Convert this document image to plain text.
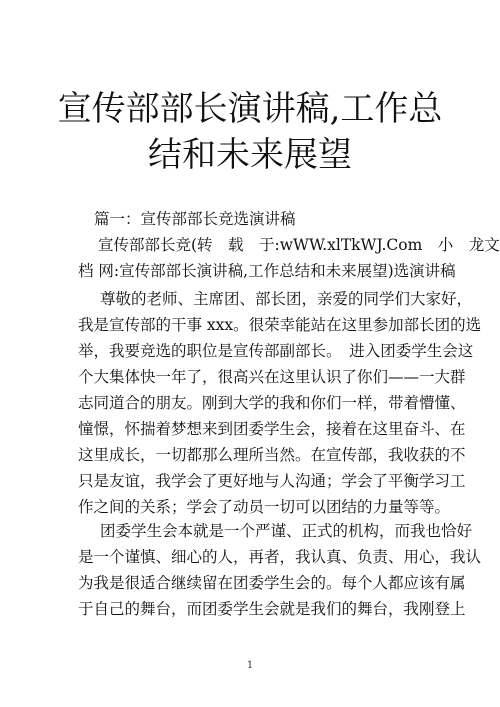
宣传部部长演讲稿,工作总
结和未来展望
篇一：宣传部部长竞选演讲稿
宣传部部长竞(转　载　于:wWW.xlTkWJ.Com　小　龙文
档 网:宣传部部长演讲稿,工作总结和未来展望)选演讲稿
尊敬的老师、主席团、部长团，亲爱的同学们大家好，
我是宣传部的干事 xxx。很荣幸能站在这里参加部长团的选
举，我要竞选的职位是宣传部副部长。　进入团委学生会这
个大集体快一年了，很高兴在这里认识了你们——一大群
志同道合的朋友。刚到大学的我和你们一样，带着懵懂、
憧憬，怀揣着梦想来到团委学生会，接着在这里奋斗、在
这里成长，一切都那么理所当然。在宣传部，我收获的不
只是友谊，我学会了更好地与人沟通；学会了平衡学习工
作之间的关系；学会了动员一切可以团结的力量等等。
团委学生会本就是一个严谨、正式的机构，而我也恰好
是一个谨慎、细心的人，再者，我认真、负责、用心，我认
为我是很适合继续留在团委学生会的。每个人都应该有属
于自己的舞台，而团委学生会就是我们的舞台，我刚登上
1
